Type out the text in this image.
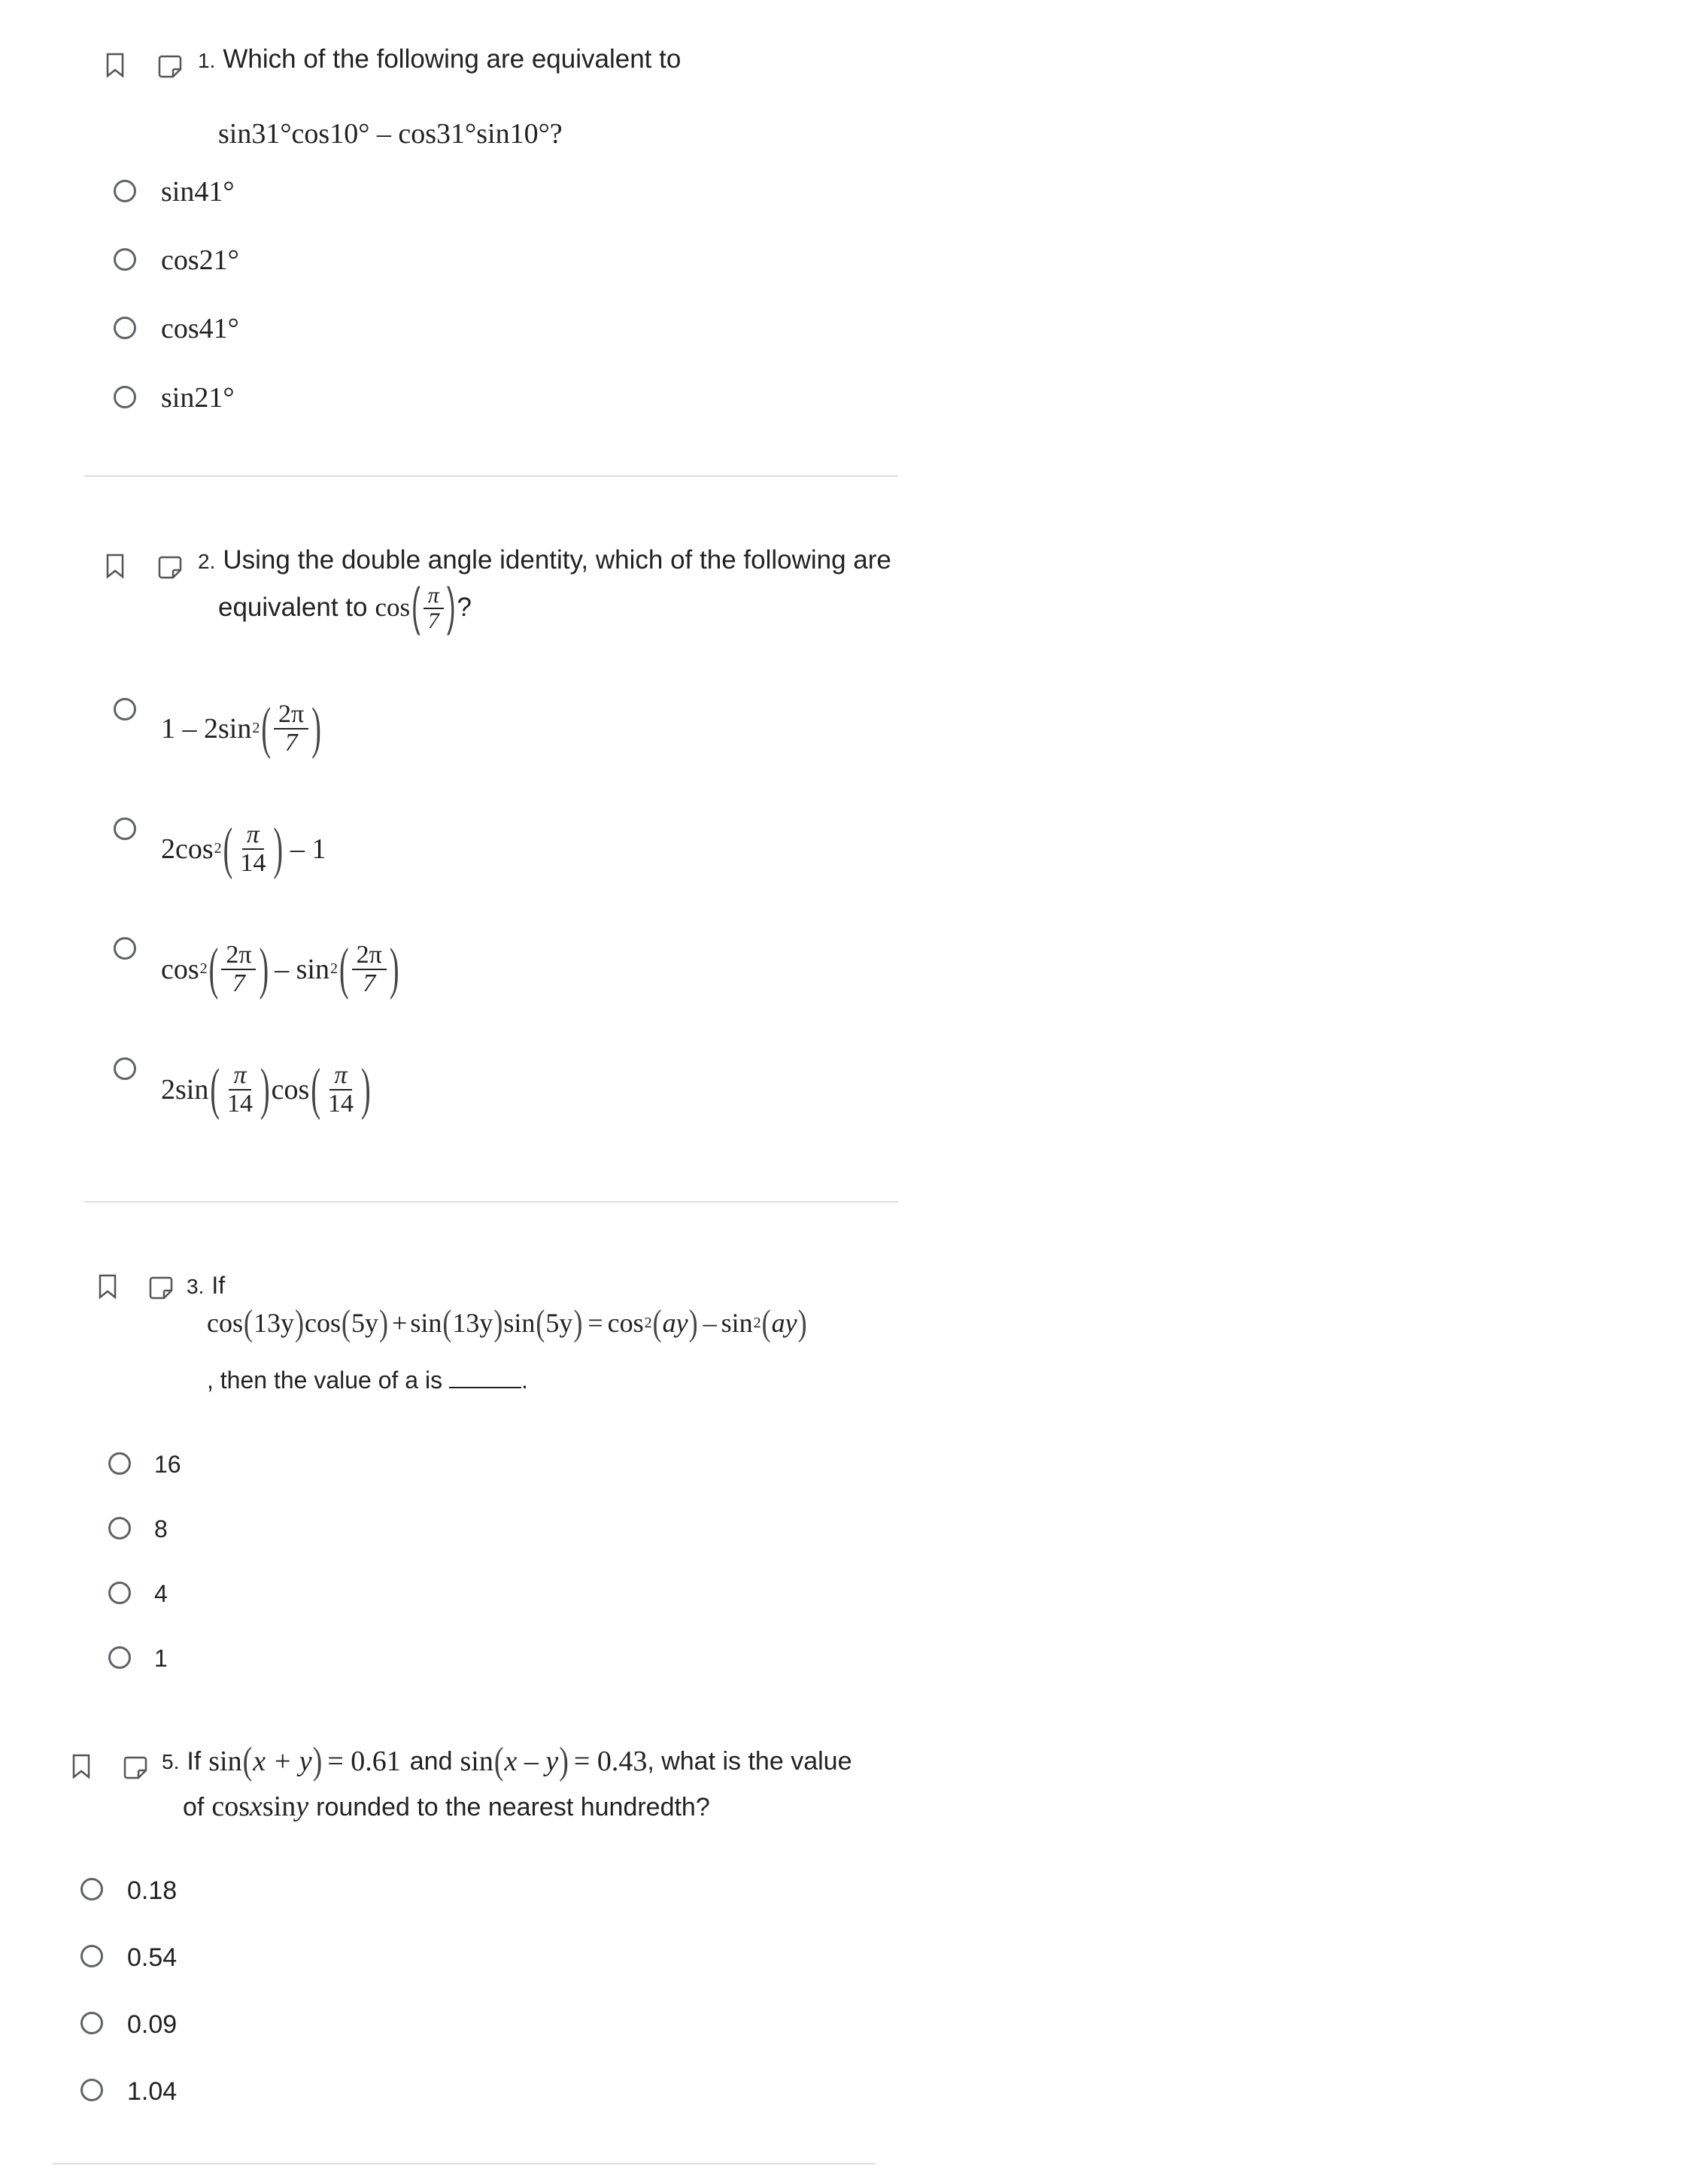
1. Which of the following are equivalent to
sin31°cos10° – cos31°sin10°?
sin41°
cos21°
cos41°
sin21°
2. Using the double angle identity, which of the following are
equivalent to cos ( $\frac{\pi}{7}$ ) ?
1 – 2sin 2 ( $\frac{2\pi}{7}$ )
2cos 2 ( $\frac{\pi}{14}$ ) – 1
cos 2 ( $\frac{2\pi}{7}$ ) – sin 2 ( $\frac{2\pi}{7}$ )
2sin ( $\frac{\pi}{14}$ ) cos ( $\frac{\pi}{14}$ )
3. If
cos ( 13y ) cos ( 5y ) + sin ( 13y ) sin ( 5y ) = cos 2 ( ay ) – sin 2 ( ay )
, then the value of a is	.
16
8
4
1
5. If sin ( x + y ) = 0.61 and sin ( x – y ) = 0.43 , what is the value
of cos x sin y rounded to the nearest hundredth?
0.18
0.54
0.09
1.04
